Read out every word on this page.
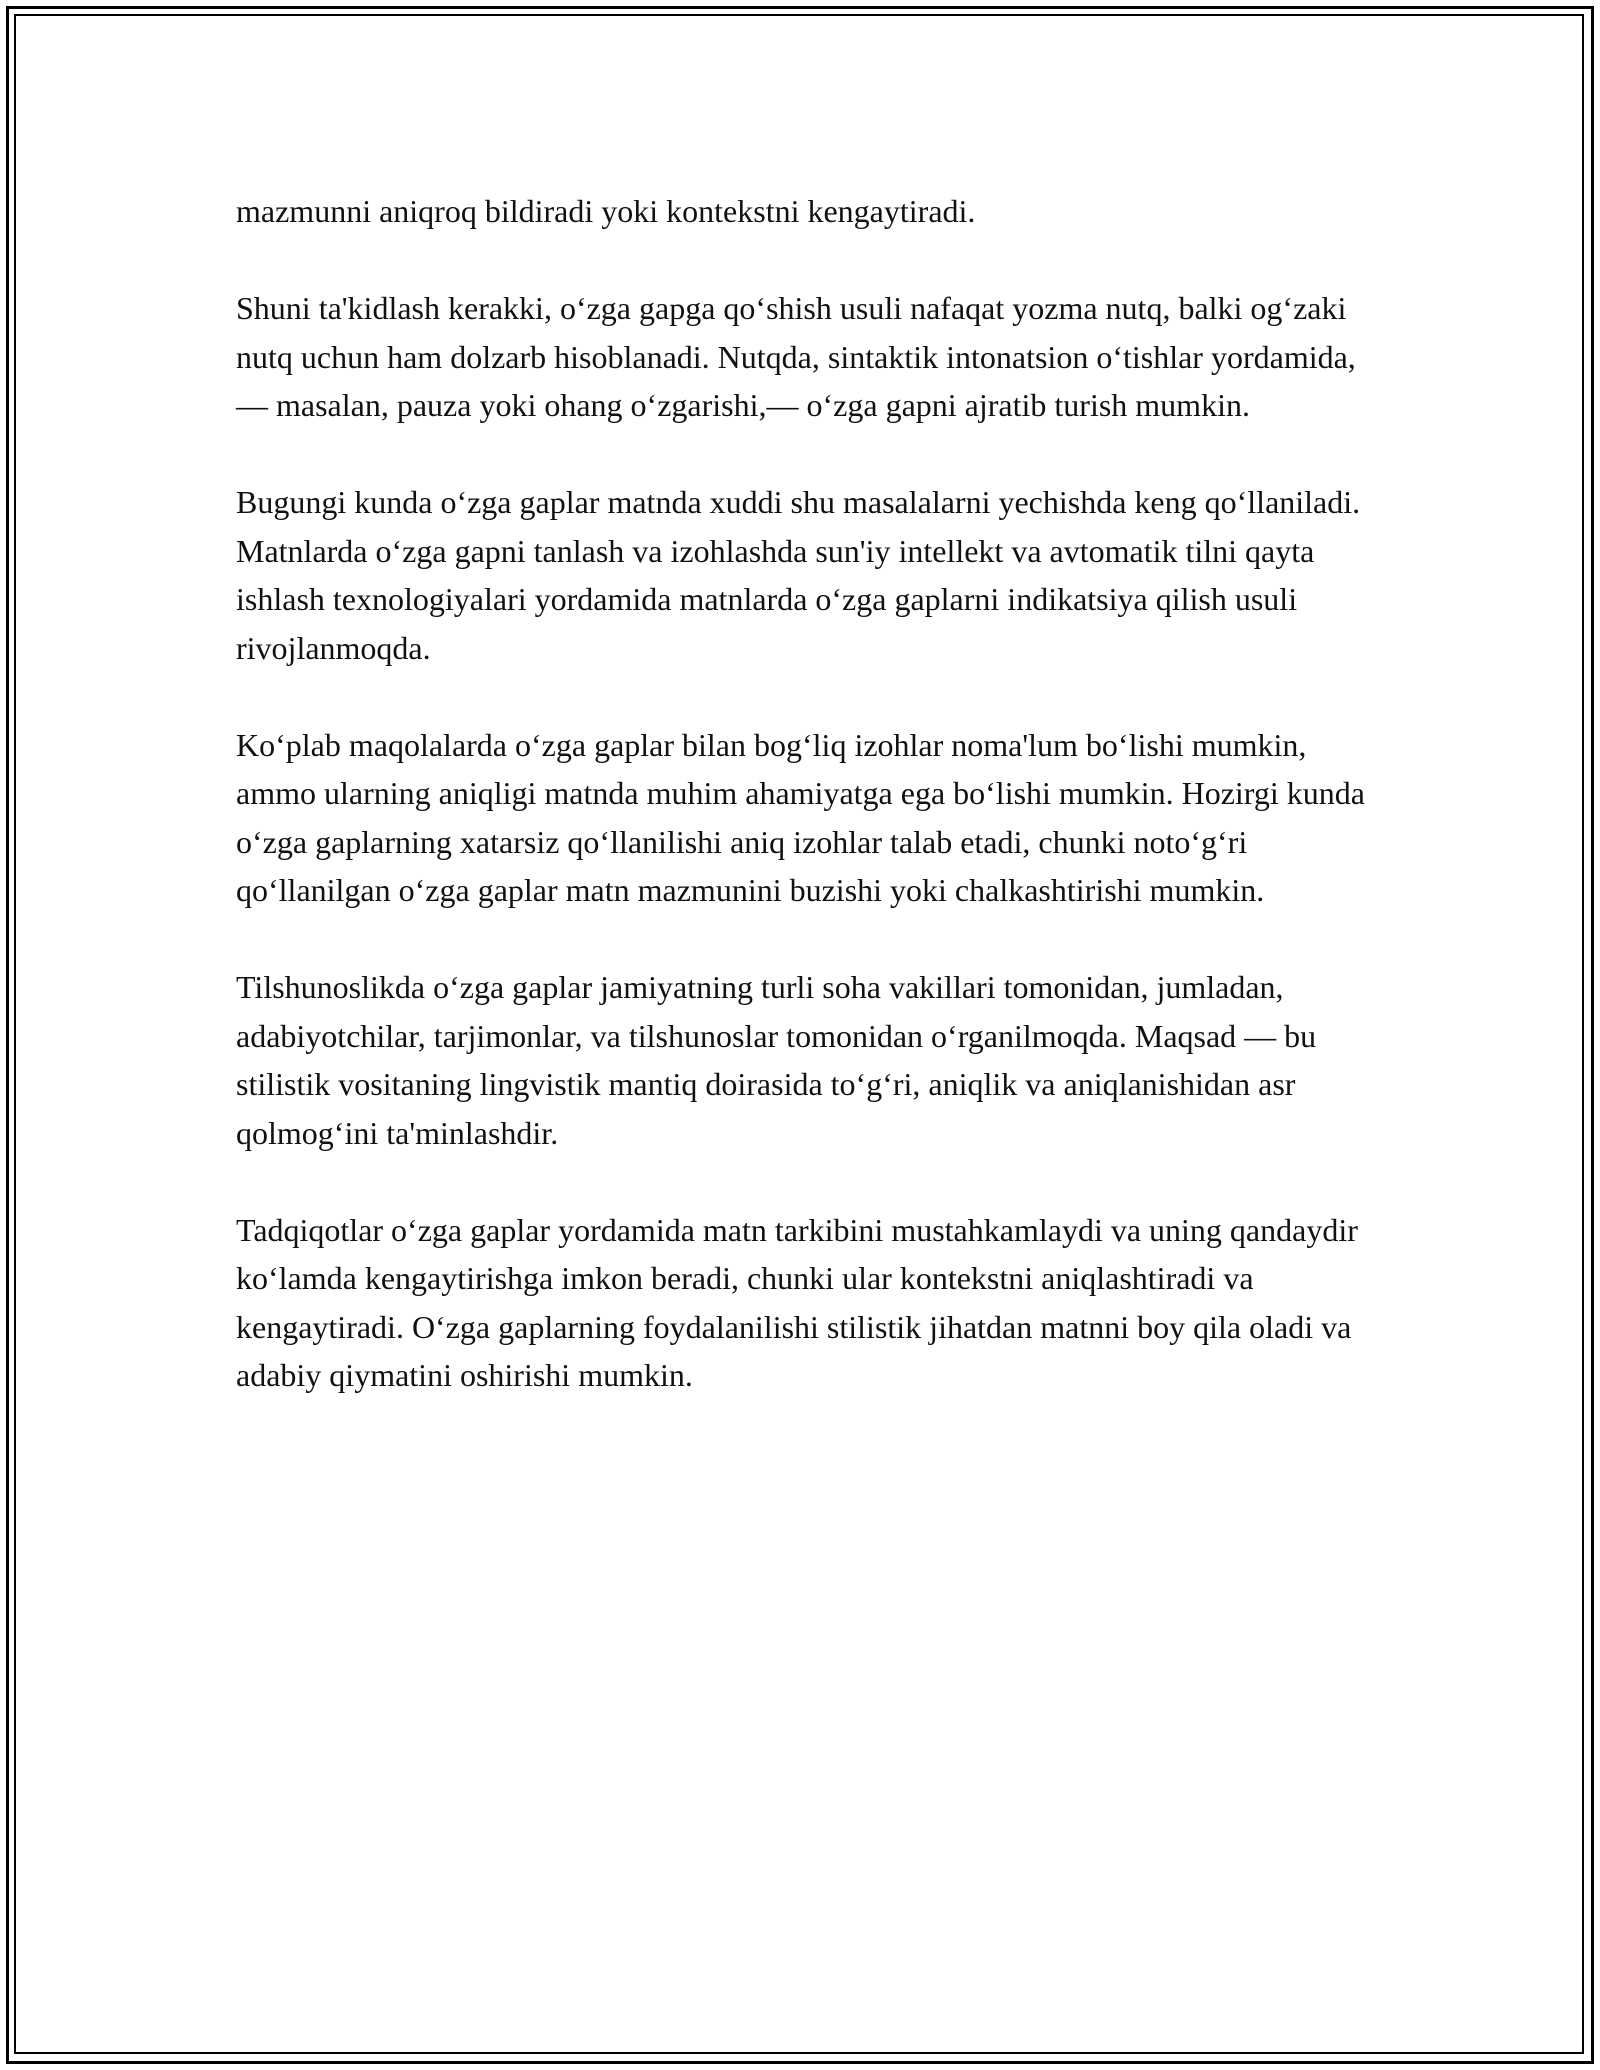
mazmunni aniqroq bildiradi yoki kontekstni kengaytiradi.

Shuni ta'kidlash kerakki, o‘zga gapga qo‘shish usuli nafaqat yozma nutq, balki og‘zaki nutq uchun ham dolzarb hisoblanadi. Nutqda, sintaktik intonatsion o‘tishlar yordamida,— masalan, pauza yoki ohang o‘zgarishi,— o‘zga gapni ajratib turish mumkin.

Bugungi kunda o‘zga gaplar matnda xuddi shu masalalarni yechishda keng qo‘llaniladi. Matnlarda o‘zga gapni tanlash va izohlashda sun'iy intellekt va avtomatik tilni qayta ishlash texnologiyalari yordamida matnlarda o‘zga gaplarni indikatsiya qilish usuli rivojlanmoqda.

Ko‘plab maqolalarda o‘zga gaplar bilan bog‘liq izohlar noma'lum bo‘lishi mumkin, ammo ularning aniqligi matnda muhim ahamiyatga ega bo‘lishi mumkin. Hozirgi kunda o‘zga gaplarning xatarsiz qo‘llanilishi aniq izohlar talab etadi, chunki noto‘g‘ri qo‘llanilgan o‘zga gaplar matn mazmunini buzishi yoki chalkashtirishi mumkin.

Tilshunoslikda o‘zga gaplar jamiyatning turli soha vakillari tomonidan, jumladan, adabiyotchilar, tarjimonlar, va tilshunoslar tomonidan o‘rganilmoqda. Maqsad — bu stilistik vositaning lingvistik mantiq doirasida to‘g‘ri, aniqlik va aniqlanishidan asr qolmog‘ini ta'minlashdir.

Tadqiqotlar o‘zga gaplar yordamida matn tarkibini mustahkamlaydi va uning qandaydir ko‘lamda kengaytirishga imkon beradi, chunki ular kontekstni aniqlashtiradi va kengaytiradi. O‘zga gaplarning foydalanilishi stilistik jihatdan matnni boy qila oladi va adabiy qiymatini oshirishi mumkin.
